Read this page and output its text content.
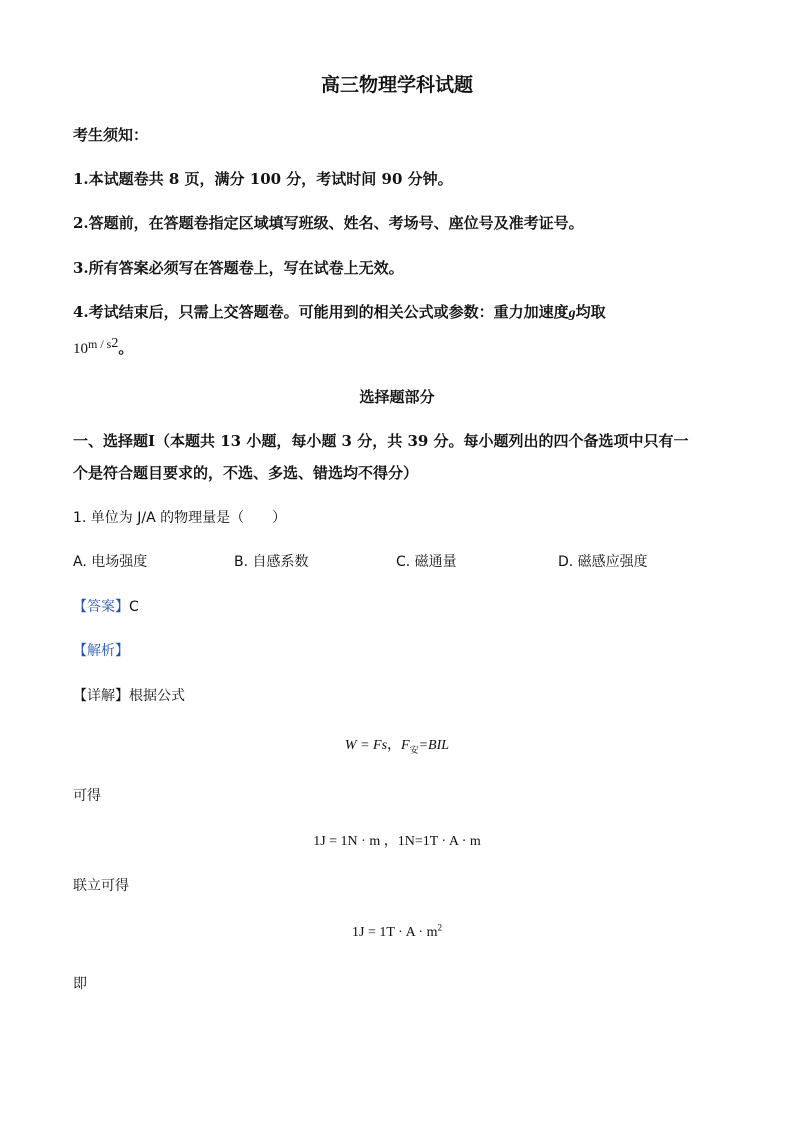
高三物理学科试题
考生须知：
1.本试题卷共 8 页，满分 100 分，考试时间 90 分钟。
2.答题前，在答题卷指定区域填写班级、姓名、考场号、座位号及准考证号。
3.所有答案必须写在答题卷上，写在试卷上无效。
4.考试结束后，只需上交答题卷。可能用到的相关公式或参数：重力加速度g均取
$10^{m / s2}$。
选择题部分
一、选择题Ⅰ（本题共 13 小题，每小题 3 分，共 39 分。每小题列出的四个备选项中只有一
个是符合题目要求的，不选、多选、错选均不得分）
1. 单位为 J/A 的物理量是（　　）
A. 电场强度	B. 自感系数	C. 磁通量	D. 磁感应强度
【答案】C
【解析】
【详解】根据公式
W = Fs，$F_安=BIL$
可得
1J = 1N · m ，1N=1T · A · m
联立可得
$1J = 1T \cdot A \cdot m^2$
即
